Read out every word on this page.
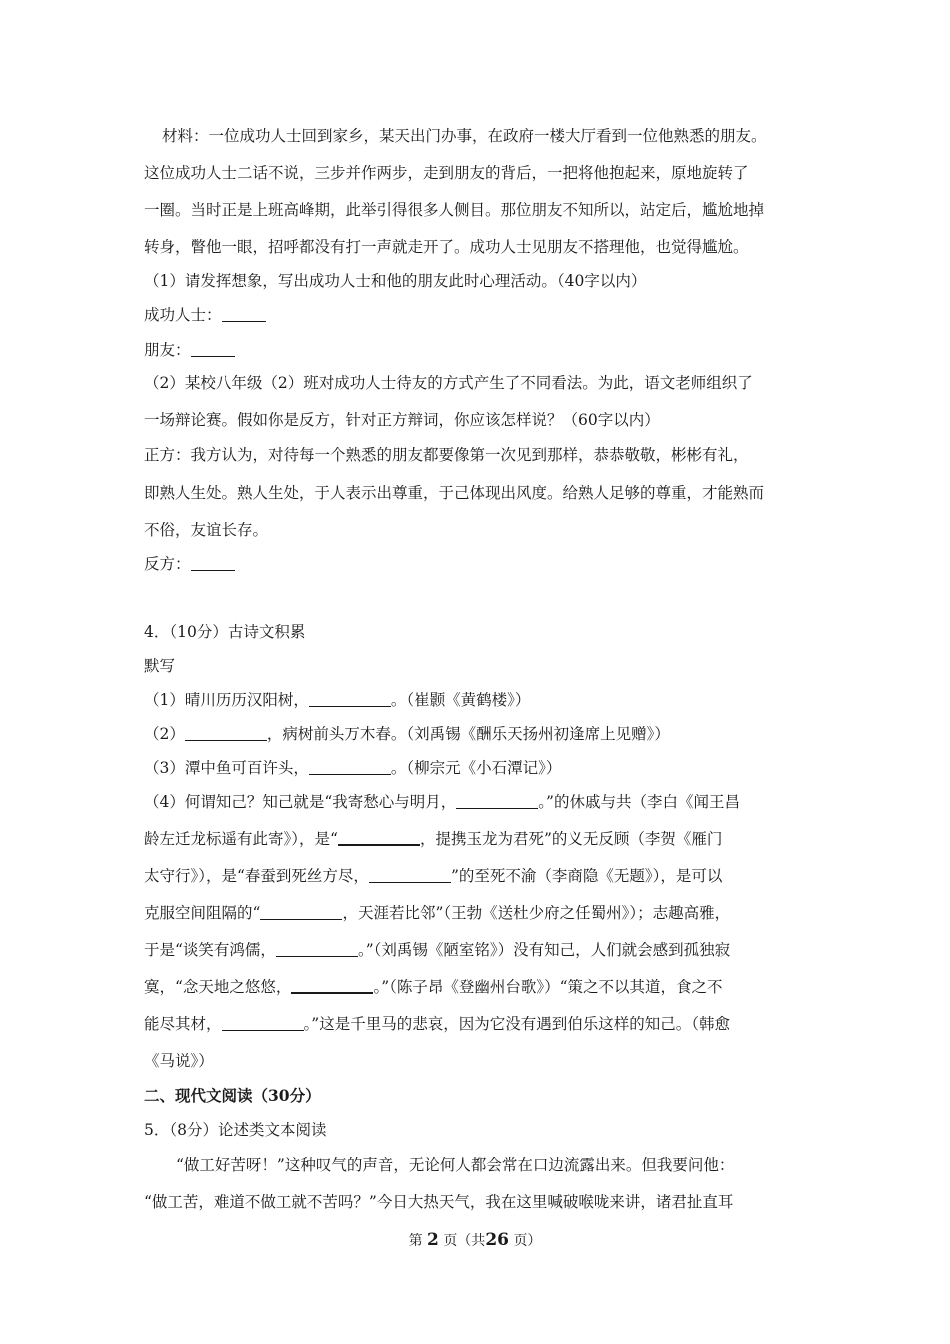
材料：一位成功人士回到家乡，某天出门办事，在政府一楼大厅看到一位他熟悉的朋友。
这位成功人士二话不说，三步并作两步，走到朋友的背后，一把将他抱起来，原地旋转了
一圈。当时正是上班高峰期，此举引得很多人侧目。那位朋友不知所以，站定后，尴尬地掉
转身，瞥他一眼，招呼都没有打一声就走开了。成功人士见朋友不搭理他，也觉得尴尬。
（1）请发挥想象，写出成功人士和他的朋友此时心理活动。（40字以内）
成功人士：
朋友：
（2）某校八年级（2）班对成功人士待友的方式产生了不同看法。为此，语文老师组织了
一场辩论赛。假如你是反方，针对正方辩词，你应该怎样说？（60字以内）
正方：我方认为，对待每一个熟悉的朋友都要像第一次见到那样，恭恭敬敬，彬彬有礼，
即熟人生处。熟人生处，于人表示出尊重，于己体现出风度。给熟人足够的尊重，才能熟而
不俗，友谊长存。
反方：
4．（10分）古诗文积累
默写
（1）晴川历历汉阳树，	。（崔颢《黄鹤楼》）
（2）	，病树前头万木春。（刘禹锡《酬乐天扬州初逢席上见赠》）
（3）潭中鱼可百许头，	。（柳宗元《小石潭记》）
（4）何谓知己？知己就是“我寄愁心与明月，	。”的休戚与共（李白《闻王昌
龄左迁龙标遥有此寄》），是“	，提携玉龙为君死”的义无反顾（李贺《雁门
太守行》），是“春蚕到死丝方尽，	”的至死不渝（李商隐《无题》），是可以
克服空间阻隔的“	，天涯若比邻”（王勃《送杜少府之任蜀州》）；志趣高雅，
于是“谈笑有鸿儒，	。”（刘禹锡《陋室铭》）没有知己，人们就会感到孤独寂
寞，“念天地之悠悠，	。”（陈子昂《登幽州台歌》）“策之不以其道，食之不
能尽其材，	。”这是千里马的悲哀，因为它没有遇到伯乐这样的知己。（韩愈
《马说》）
二、现代文阅读（30分）
5．（8分）论述类文本阅读
“做工好苦呀！”这种叹气的声音，无论何人都会常在口边流露出来。但我要问他：
“做工苦，难道不做工就不苦吗？”今日大热天气，我在这里喊破喉咙来讲，诸君扯直耳
第 2 页（共26 页）
